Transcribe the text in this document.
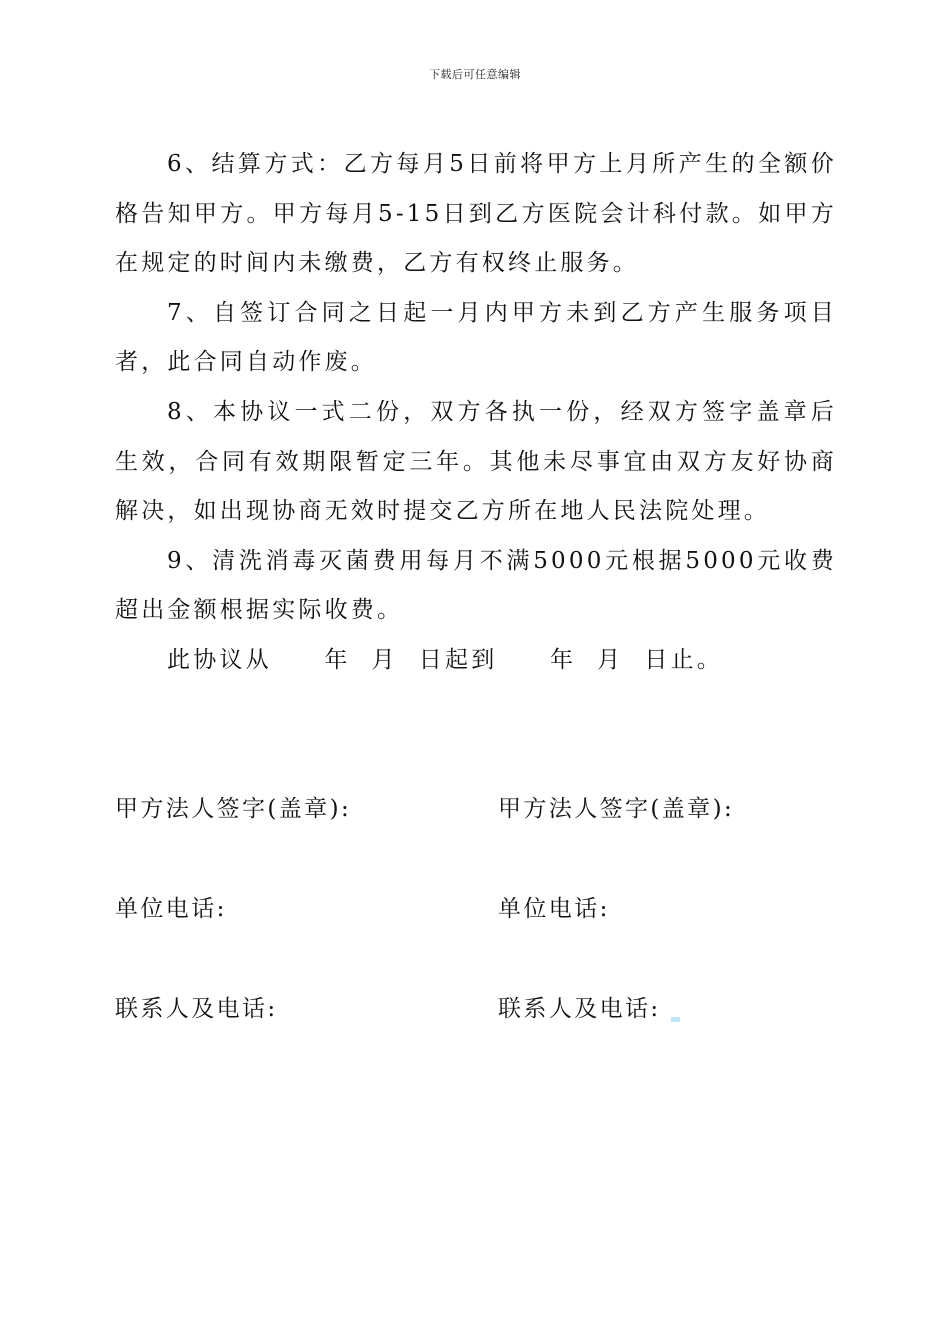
下载后可任意编辑

6、结算方式：乙方每月5日前将甲方上月所产生的全额价格告知甲方。甲方每月5-15日到乙方医院会计科付款。如甲方在规定的时间内未缴费，乙方有权终止服务。

7、自签订合同之日起一月内甲方未到乙方产生服务项目者，此合同自动作废。

8、本协议一式二份，双方各执一份，经双方签字盖章后生效，合同有效期限暂定三年。其他未尽事宜由双方友好协商解决，如出现协商无效时提交乙方所在地人民法院处理。

9、清洗消毒灭菌费用每月不满5000元根据5000元收费超出金额根据实际收费。

此协议从     年  月  日起到     年  月  日止。

甲方法人签字(盖章):	甲方法人签字(盖章):
单位电话:	单位电话:
联系人及电话:	联系人及电话:
